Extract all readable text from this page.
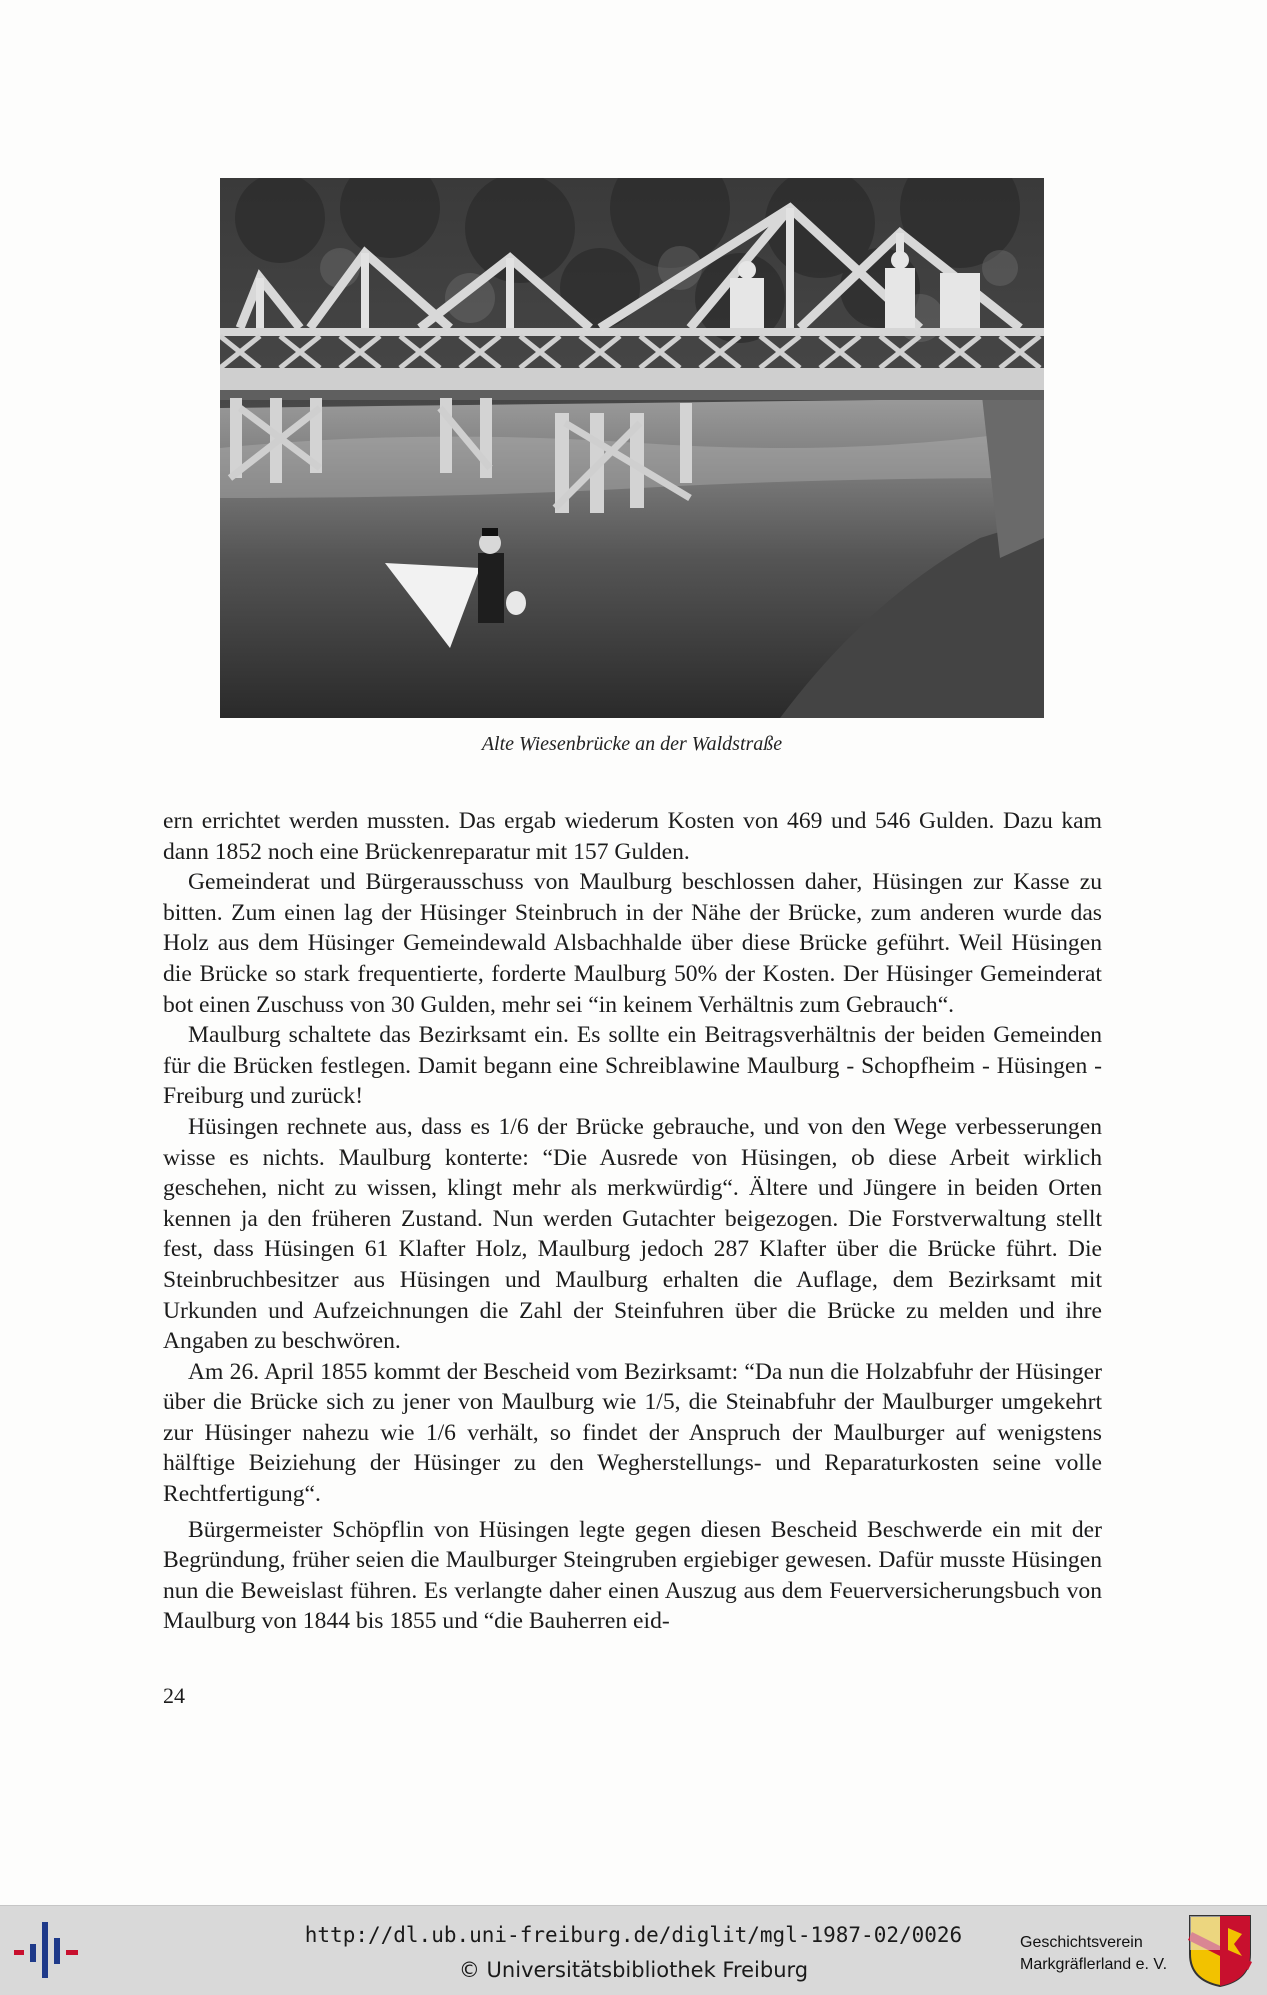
Alte Wiesenbrücke an der Waldstraße

ern errichtet werden mussten. Das ergab wiederum Kosten von 469 und 546 Gulden. Dazu kam dann 1852 noch eine Brückenreparatur mit 157 Gulden.

Gemeinderat und Bürgerausschuss von Maulburg beschlossen daher, Hüsingen zur Kasse zu bitten. Zum einen lag der Hüsinger Steinbruch in der Nähe der Brücke, zum anderen wurde das Holz aus dem Hüsinger Gemeindewald Alsbachhalde über diese Brücke geführt. Weil Hüsingen die Brücke so stark frequentierte, forderte Maulburg 50% der Kosten. Der Hüsinger Gemeinderat bot einen Zuschuss von 30 Gulden, mehr sei “in keinem Verhältnis zum Gebrauch“.

Maulburg schaltete das Bezirksamt ein. Es sollte ein Beitragsverhältnis der beiden Gemeinden für die Brücken festlegen. Damit begann eine Schreiblawine Maulburg - Schopfheim - Hüsingen - Freiburg und zurück!

Hüsingen rechnete aus, dass es 1/6 der Brücke gebrauche, und von den Wege verbesserungen wisse es nichts. Maulburg konterte: “Die Ausrede von Hüsingen, ob diese Arbeit wirklich geschehen, nicht zu wissen, klingt mehr als merkwürdig“. Ältere und Jüngere in beiden Orten kennen ja den früheren Zustand. Nun werden Gutachter beigezogen. Die Forstverwaltung stellt fest, dass Hüsingen 61 Klafter Holz, Maulburg jedoch 287 Klafter über die Brücke führt. Die Steinbruchbesitzer aus Hüsingen und Maulburg erhalten die Auflage, dem Bezirksamt mit Urkunden und Aufzeichnungen die Zahl der Steinfuhren über die Brücke zu melden und ihre Angaben zu beschwören.

Am 26. April 1855 kommt der Bescheid vom Bezirksamt: “Da nun die Holzabfuhr der Hüsinger über die Brücke sich zu jener von Maulburg wie 1/5, die Steinabfuhr der Maulburger umgekehrt zur Hüsinger nahezu wie 1/6 verhält, so findet der Anspruch der Maulburger auf wenigstens hälftige Beiziehung der Hüsinger zu den Wegherstellungs- und Reparaturkosten seine volle Rechtfertigung“.

Bürgermeister Schöpflin von Hüsingen legte gegen diesen Bescheid Beschwerde ein mit der Begründung, früher seien die Maulburger Steingruben ergiebiger gewesen. Dafür musste Hüsingen nun die Beweislast führen. Es verlangte daher einen Auszug aus dem Feuerversicherungsbuch von Maulburg von 1844 bis 1855 und “die Bauherren eid-

24
http://dl.ub.uni-freiburg.de/diglit/mgl-1987-02/0026
© Universitätsbibliothek Freiburg
Geschichtsverein
Markgräflerland e. V.
